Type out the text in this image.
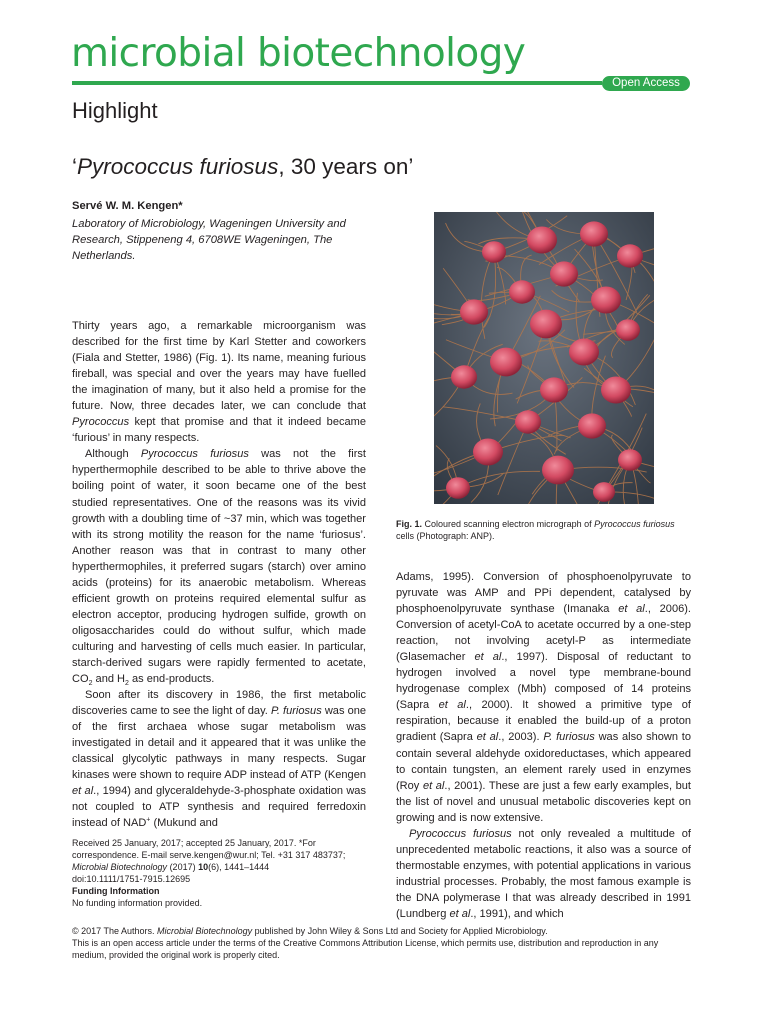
microbial biotechnology
Open Access
Highlight
‘Pyrococcus furiosus, 30 years on’
Servé W. M. Kengen*
Laboratory of Microbiology, Wageningen University and Research, Stippeneng 4, 6708WE Wageningen, The Netherlands.

Thirty years ago, a remarkable microorganism was described for the first time by Karl Stetter and coworkers (Fiala and Stetter, 1986) (Fig. 1). Its name, meaning furious fireball, was special and over the years may have fuelled the imagination of many, but it also held a promise for the future. Now, three decades later, we can conclude that Pyrococcus kept that promise and that it indeed became ‘furious’ in many respects.

Although Pyrococcus furiosus was not the first hyperthermophile described to be able to thrive above the boiling point of water, it soon became one of the best studied representatives. One of the reasons was its vivid growth with a doubling time of ~37 min, which was together with its strong motility the reason for the name ‘furiosus’. Another reason was that in contrast to many other hyperthermophiles, it preferred sugars (starch) over amino acids (proteins) for its anaerobic metabolism. Whereas efficient growth on proteins required elemental sulfur as electron acceptor, producing hydrogen sulfide, growth on oligosaccharides could do without sulfur, which made culturing and harvesting of cells much easier. In particular, starch-derived sugars were rapidly fermented to acetate, $CO_2$ and $H_2$ as end-products.

Soon after its discovery in 1986, the first metabolic discoveries came to see the light of day. P. furiosus was one of the first archaea whose sugar metabolism was investigated in detail and it appeared that it was unlike the classical glycolytic pathways in many respects. Sugar kinases were shown to require ADP instead of ATP (Kengen et al., 1994) and glyceraldehyde-3-phosphate oxidation was not coupled to ATP synthesis and required ferredoxin instead of NAD+ (Mukund and

Fig. 1. Coloured scanning electron micrograph of Pyrococcus furiosus cells (Photograph: ANP).

Adams, 1995). Conversion of phosphoenolpyruvate to pyruvate was AMP and PPi dependent, catalysed by phosphoenolpyruvate synthase (Imanaka et al., 2006). Conversion of acetyl-CoA to acetate occurred by a one-step reaction, not involving acetyl-P as intermediate (Glasemacher et al., 1997). Disposal of reductant to hydrogen involved a novel type membrane-bound hydrogenase complex (Mbh) composed of 14 proteins (Sapra et al., 2000). It showed a primitive type of respiration, because it enabled the build-up of a proton gradient (Sapra et al., 2003). P. furiosus was also shown to contain several aldehyde oxidoreductases, which appeared to contain tungsten, an element rarely used in enzymes (Roy et al., 2001). These are just a few early examples, but the list of novel and unusual metabolic discoveries kept on growing and is now extensive.

Pyrococcus furiosus not only revealed a multitude of unprecedented metabolic reactions, it also was a source of thermostable enzymes, with potential applications in various industrial processes. Probably, the most famous example is the DNA polymerase I that was already described in 1991 (Lundberg et al., 1991), and which

Received 25 January, 2017; accepted 25 January, 2017. *For correspondence. E-mail serve.kengen@wur.nl; Tel. +31 317 483737;
Microbial Biotechnology (2017) 10(6), 1441–1444
doi:10.1111/1751-7915.12695
Funding Information
No funding information provided.
© 2017 The Authors. Microbial Biotechnology published by John Wiley & Sons Ltd and Society for Applied Microbiology.
This is an open access article under the terms of the Creative Commons Attribution License, which permits use, distribution and reproduction in any medium, provided the original work is properly cited.
